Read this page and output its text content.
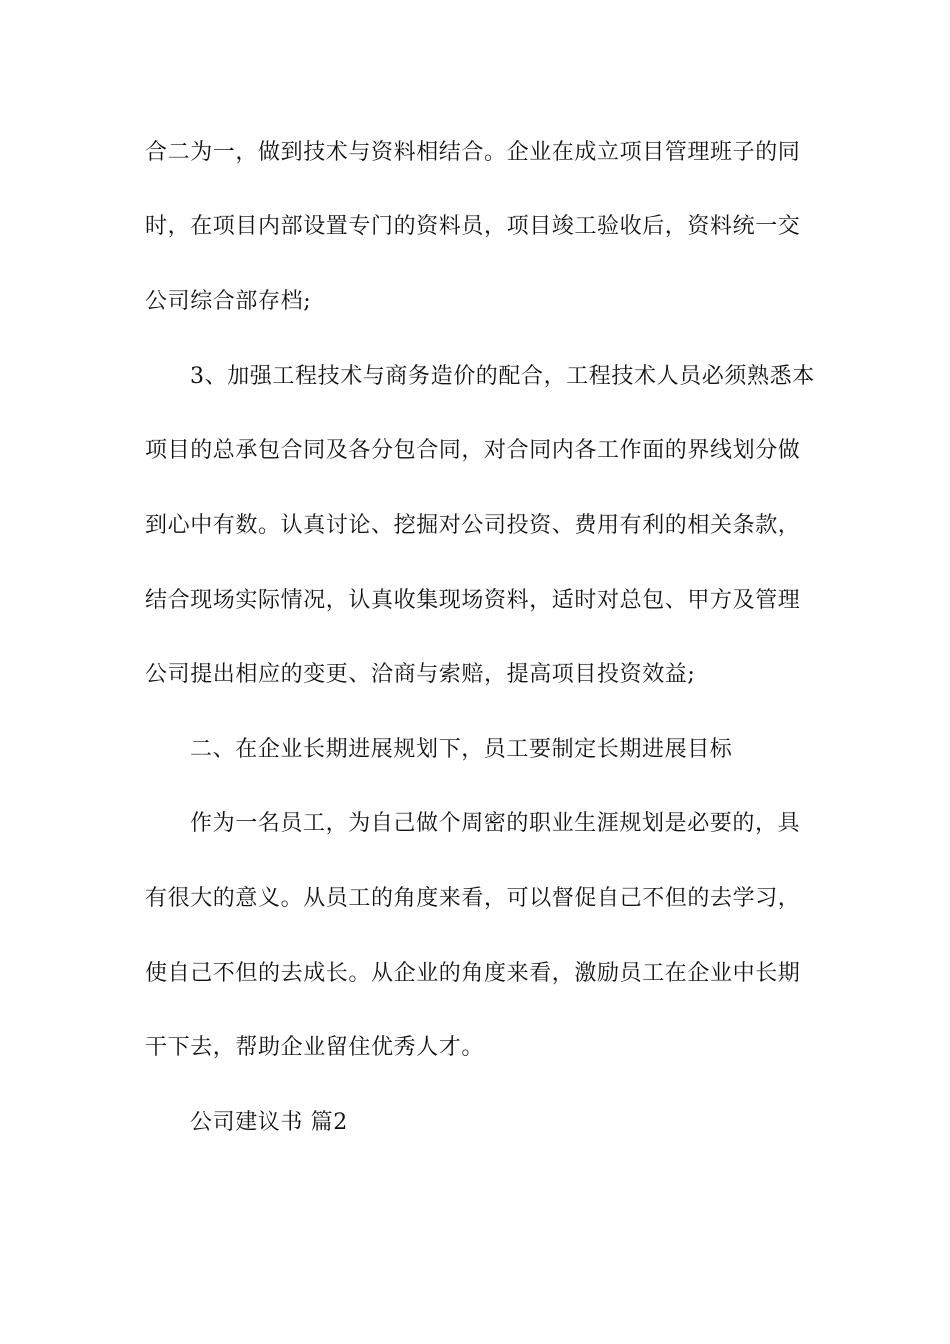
合二为一，做到技术与资料相结合。企业在成立项目管理班子的同
时，在项目内部设置专门的资料员，项目竣工验收后，资料统一交
公司综合部存档;
3、加强工程技术与商务造价的配合，工程技术人员必须熟悉本
项目的总承包合同及各分包合同，对合同内各工作面的界线划分做
到心中有数。认真讨论、挖掘对公司投资、费用有利的相关条款，
结合现场实际情况，认真收集现场资料，适时对总包、甲方及管理
公司提出相应的变更、洽商与索赔，提高项目投资效益;
二、在企业长期进展规划下，员工要制定长期进展目标
作为一名员工，为自己做个周密的职业生涯规划是必要的，具
有很大的意义。从员工的角度来看，可以督促自己不但的去学习，
使自己不但的去成长。从企业的角度来看，激励员工在企业中长期
干下去，帮助企业留住优秀人才。
公司建议书 篇2
